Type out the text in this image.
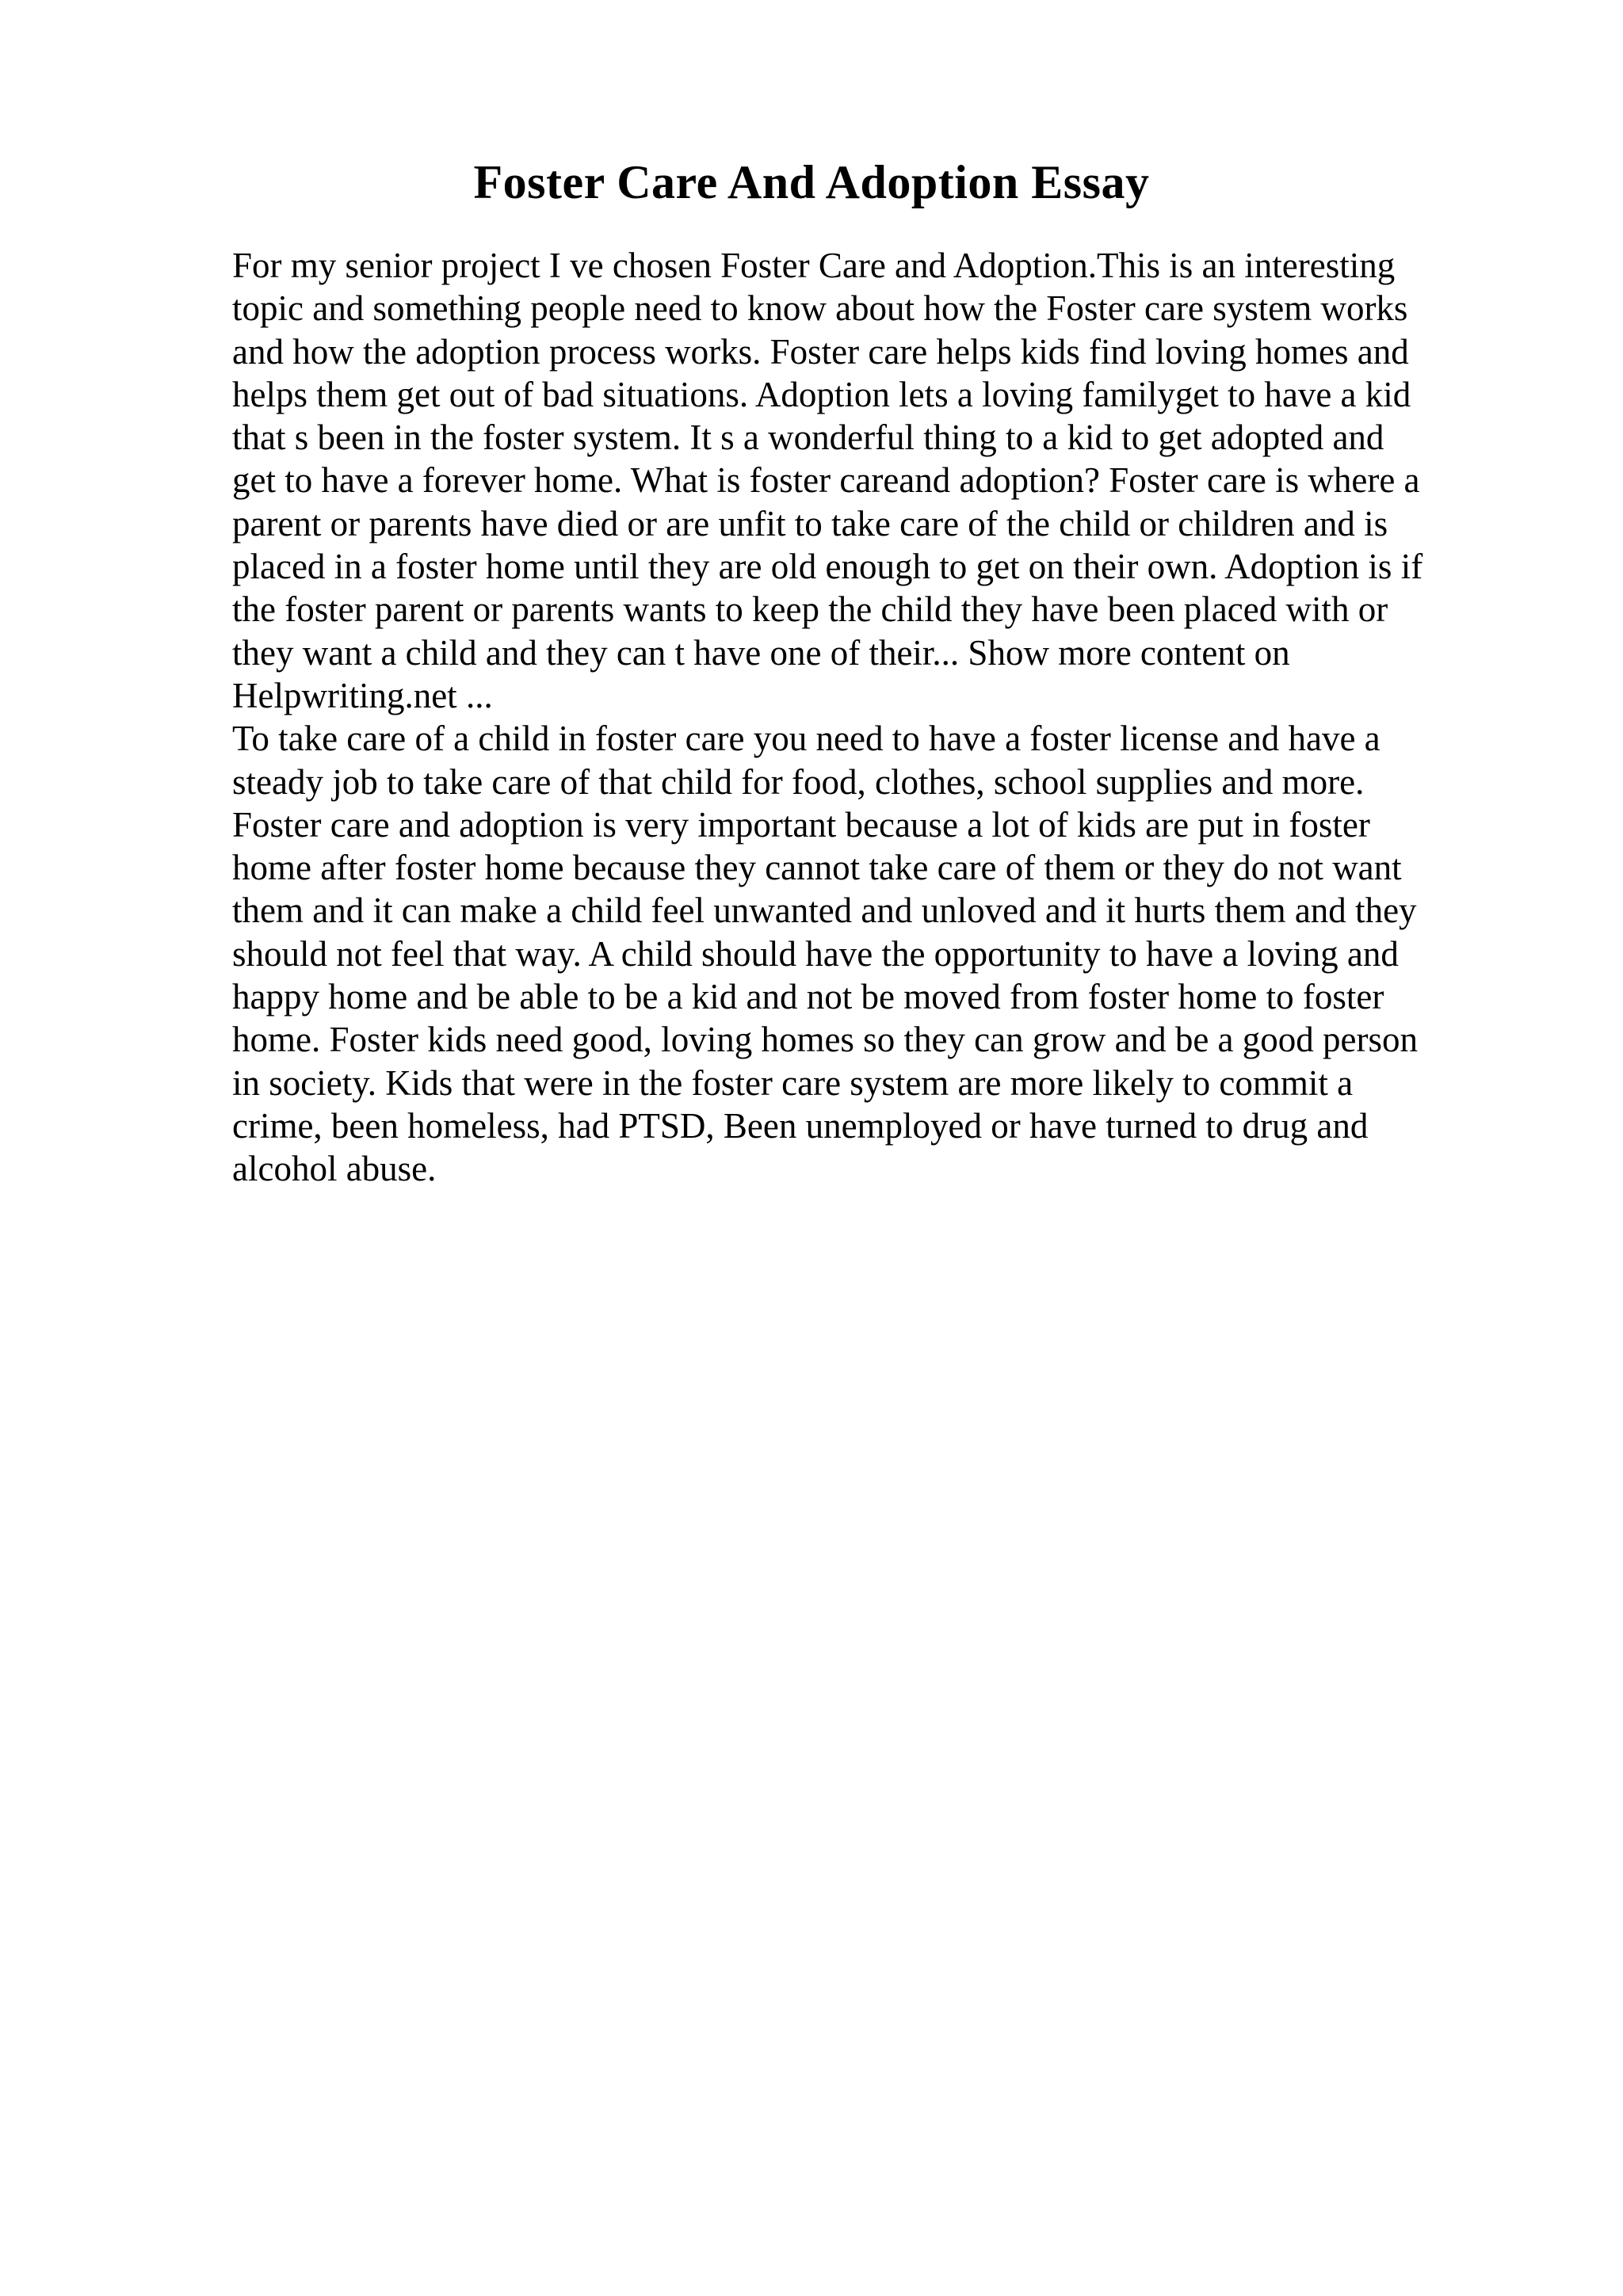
Foster Care And Adoption Essay
For my senior project I ve chosen Foster Care and Adoption.This is an interesting
topic and something people need to know about how the Foster care system works
and how the adoption process works. Foster care helps kids find loving homes and
helps them get out of bad situations. Adoption lets a loving familyget to have a kid
that s been in the foster system. It s a wonderful thing to a kid to get adopted and
get to have a forever home. What is foster careand adoption? Foster care is where a
parent or parents have died or are unfit to take care of the child or children and is
placed in a foster home until they are old enough to get on their own. Adoption is if
the foster parent or parents wants to keep the child they have been placed with or
they want a child and they can t have one of their... Show more content on
Helpwriting.net ...
To take care of a child in foster care you need to have a foster license and have a
steady job to take care of that child for food, clothes, school supplies and more.
Foster care and adoption is very important because a lot of kids are put in foster
home after foster home because they cannot take care of them or they do not want
them and it can make a child feel unwanted and unloved and it hurts them and they
should not feel that way. A child should have the opportunity to have a loving and
happy home and be able to be a kid and not be moved from foster home to foster
home. Foster kids need good, loving homes so they can grow and be a good person
in society. Kids that were in the foster care system are more likely to commit a
crime, been homeless, had PTSD, Been unemployed or have turned to drug and
alcohol abuse.
